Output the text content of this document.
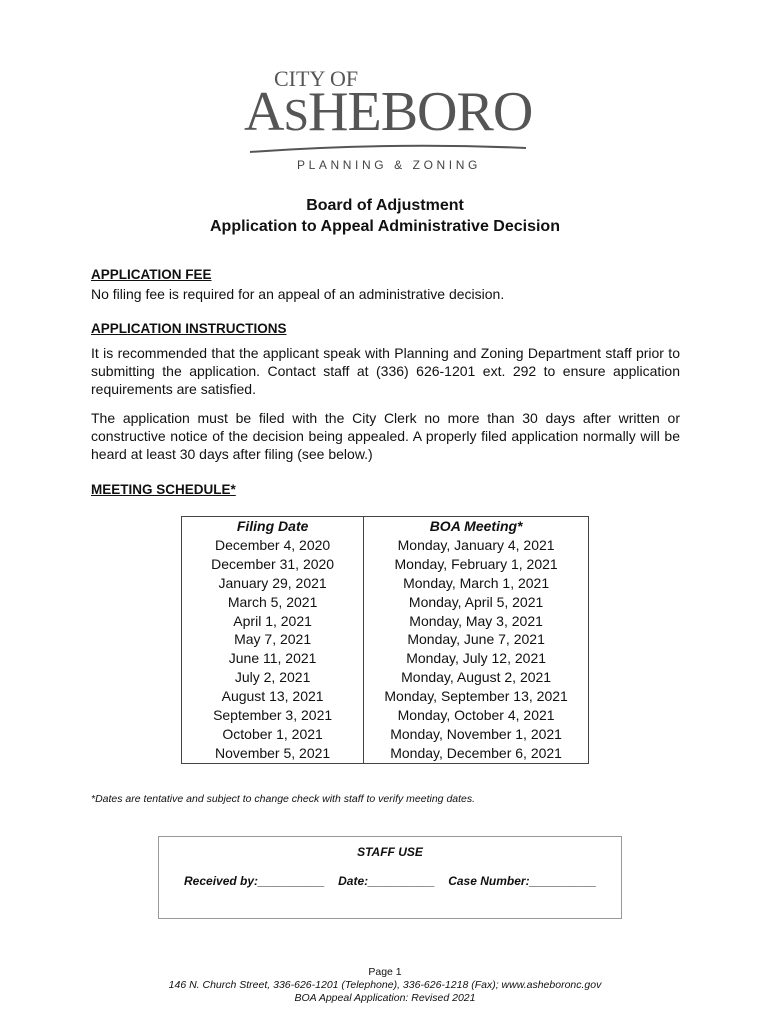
CITY OF
ASHEBORO
PLANNING & ZONING
Board of Adjustment
Application to Appeal Administrative Decision
APPLICATION FEE

No filing fee is required for an appeal of an administrative decision.

APPLICATION INSTRUCTIONS

It is recommended that the applicant speak with Planning and Zoning Department staff prior to submitting the application. Contact staff at (336) 626-1201 ext. 292 to ensure application requirements are satisfied.

The application must be filed with the City Clerk no more than 30 days after written or constructive notice of the decision being appealed. A properly filed application normally will be heard at least 30 days after filing (see below.)

MEETING SCHEDULE*
Filing Date	BOA Meeting*
December 4, 2020	Monday, January 4, 2021
December 31, 2020	Monday, February 1, 2021
January 29, 2021	Monday, March 1, 2021
March 5, 2021	Monday, April 5, 2021
April 1, 2021	Monday, May 3, 2021
May 7, 2021	Monday, June 7, 2021
June 11, 2021	Monday, July 12, 2021
July 2, 2021	Monday, August 2, 2021
August 13, 2021	Monday, September 13, 2021
September 3, 2021	Monday, October 4, 2021
October 1, 2021	Monday, November 1, 2021
November 5, 2021	Monday, December 6, 2021
*Dates are tentative and subject to change check with staff to verify meeting dates.
STAFF USE
Received by:__________ Date:__________ Case Number:__________
Page 1
146 N. Church Street, 336-626-1201 (Telephone), 336-626-1218 (Fax); www.asheboronc.gov
BOA Appeal Application: Revised 2021
